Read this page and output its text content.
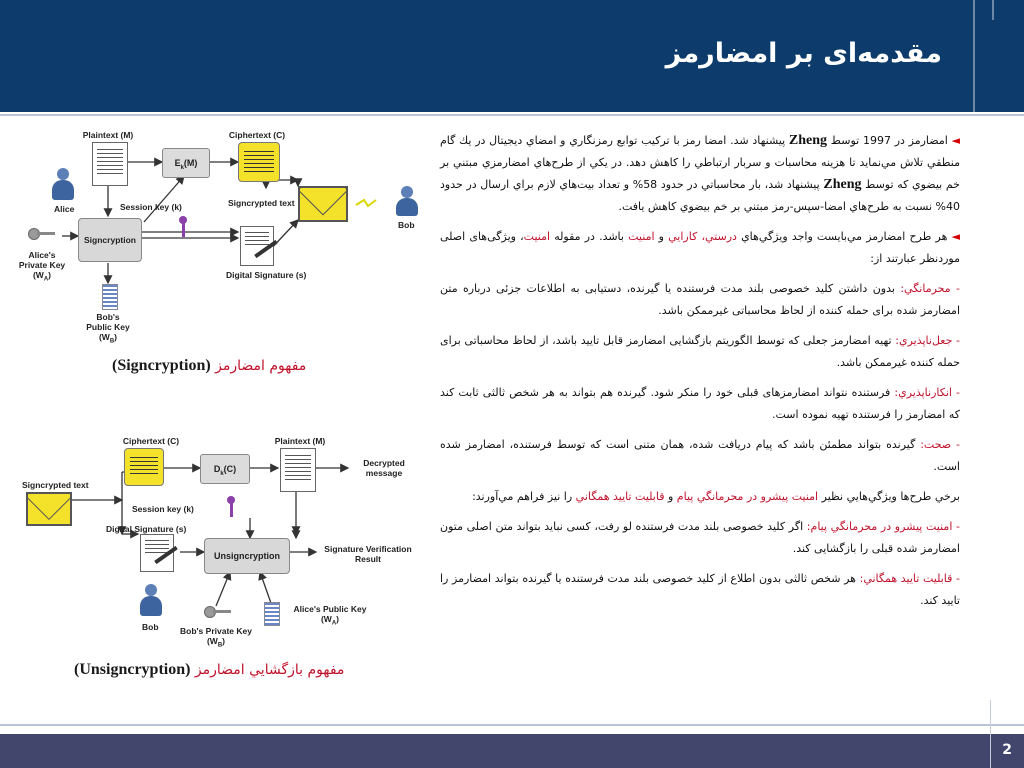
مقدمه‌ای بر امضارمز
Plaintext (M)	Ciphertext (C)
$E_k(M)$
Alice	Session key (k)	Signcrypted text
Bob
Signcryption
Alice's
Private Key
$(W_A)$	Digital Signature (s)
Bob's
Public Key
$(W_B)$
مفهوم امضارمز (Signcryption)
Ciphertext (C)	Plaintext (M)
$D_k(C)$
Decrypted
message
Signcrypted text
Session key (k)
Digital Signature (s)
Unsigncryption
Signature Verification
Result
Bob	Bob's Private Key
$(W_B)$
Alice's Public Key
$(W_A)$
مفهوم بازگشايي امضارمز (Unsigncryption)

◄ امضارمز در 1997 توسط Zheng پيشنهاد شد. امضا رمز با تركيب توابع رمزنگاري و امضاي ديجيتال در يك گام منطقي تلاش مي‌نمايد تا هزينه محاسبات و سربار ارتباطي را كاهش دهد. در يكي از طرح‌هاي امضارمزي مبتني بر خم بيضوي كه توسط Zheng پيشنهاد شد، بار محاسباتي در حدود 58% و تعداد بيت‌هاي لازم براي ارسال در حدود 40% نسبت به طرح‌هاي امضا-سپس-رمز مبتني بر خم بيضوي كاهش يافت.

◄ هر طرح امضارمز مي‌بايست واجد ويژگي‌هاي درستي، كارايي و امنيت باشد. در مقوله امنيت، ويژگی‌های اصلی موردنظر عبارتند از:

- محرمانگي: بدون داشتن كليد خصوصی بلند مدت فرستنده يا گيرنده، دستيابی به اطلاعات جزئی درباره متن امضارمز شده برای حمله كننده از لحاظ محاسباتی غيرممكن باشد.

- جعل‌ناپذيري: تهيه امضارمز جعلی كه توسط الگوريتم بازگشايی امضارمز قابل تاييد باشد، از لحاظ محاسباتی برای حمله كننده غيرممكن باشد.

- انكارناپذيري: فرستنده نتواند امضارمزهای قبلی خود را منكر شود. گيرنده هم بتواند به هر شخص ثالثی ثابت كند كه امضارمز را فرستنده تهيه نموده است.

- صحت: گيرنده بتواند مطمئن باشد كه پيام دريافت شده، همان متنی است كه توسط فرستنده، امضارمز شده است.

برخي طرح‌ها ويژگي‌هايي نظير امنيت پيشرو در محرمانگي پيام و قابليت تاييد همگاني را نيز فراهم مي‌آورند:

- امنيت پيشرو در محرمانگي پيام: اگر كليد خصوصی بلند مدت فرستنده لو رفت، كسی نبايد بتواند متن اصلی متون امضارمز شده قبلی را بازگشايی كند.

- قابليت تاييد همگاني: هر شخص ثالثی بدون اطلاع از كليد خصوصی بلند مدت فرستنده يا گيرنده بتواند امضارمز را تاييد كند.

2
